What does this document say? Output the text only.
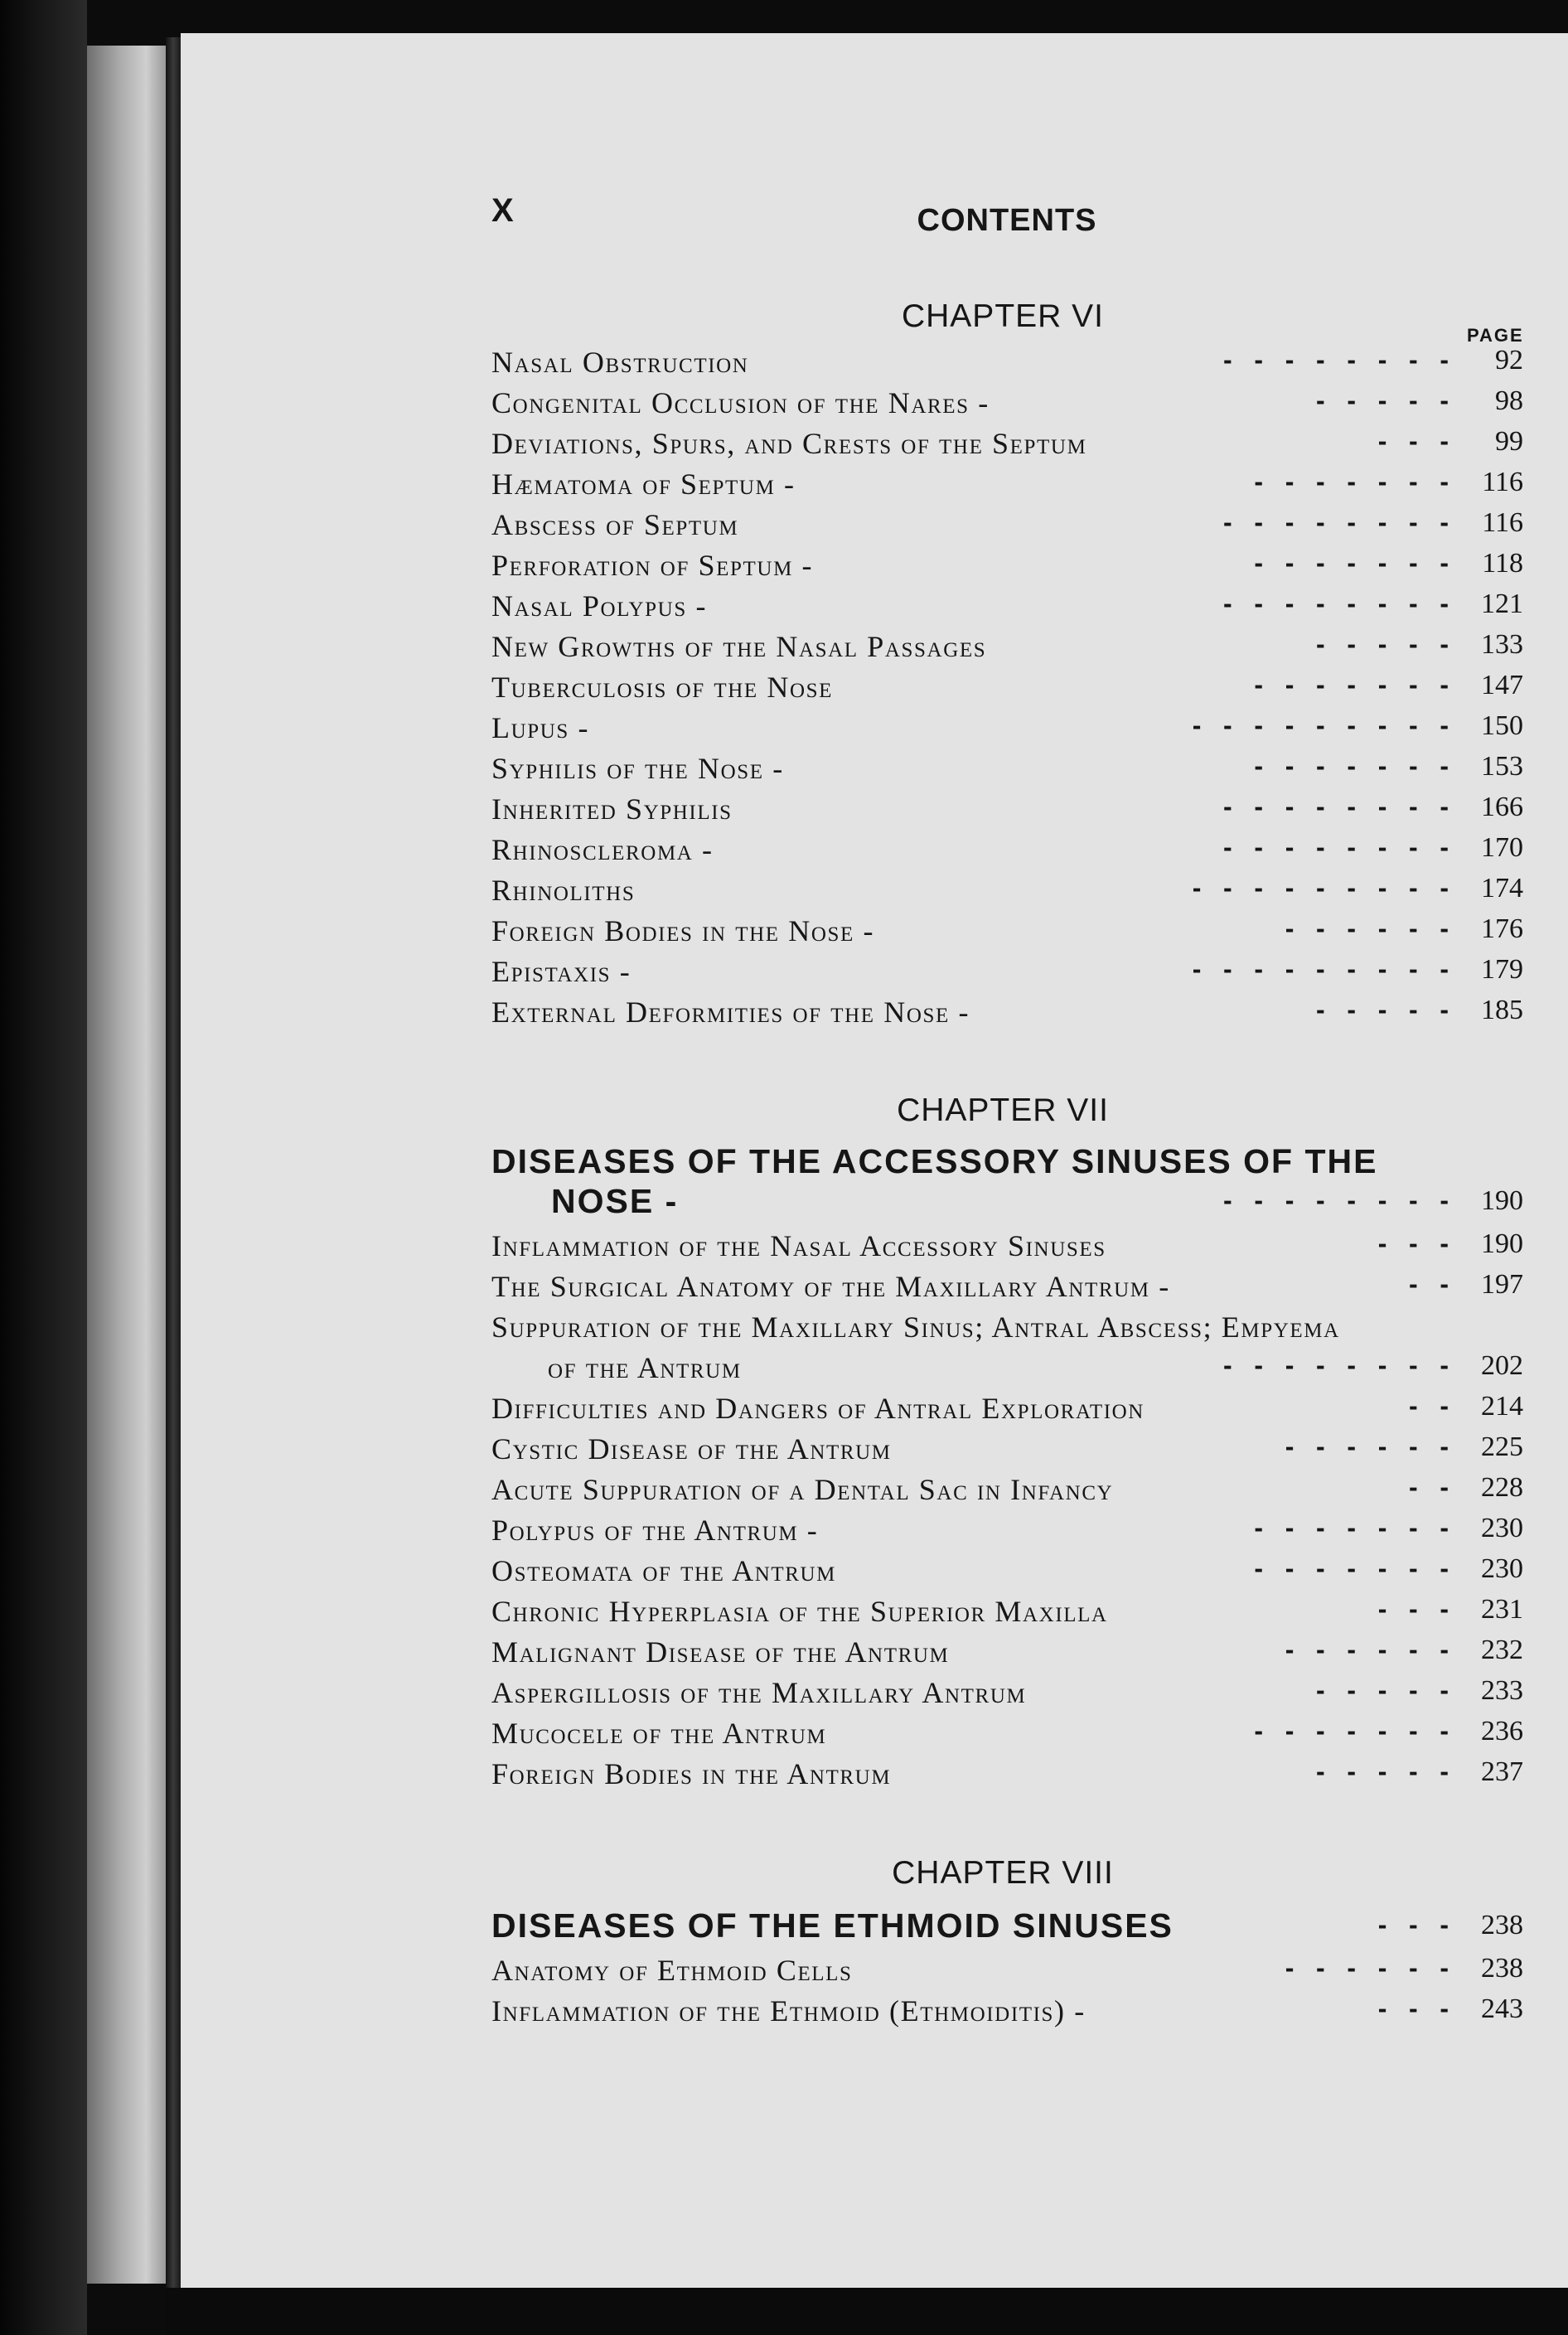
X	CONTENTS
PAGE
CHAPTER VI
Nasal Obstruction	-   -   -   -   -   -   -   -	92
Congenital Occlusion of the Nares -	-   -   -   -   -	98
Deviations, Spurs, and Crests of the Septum	-   -   -	99
Hæmatoma of Septum -	-   -   -   -   -   -   -	116
Abscess of Septum	-   -   -   -   -   -   -   -	116
Perforation of Septum -	-   -   -   -   -   -   -	118
Nasal Polypus -	-   -   -   -   -   -   -   -	121
New Growths of the Nasal Passages	-   -   -   -   -	133
Tuberculosis of the Nose	-   -   -   -   -   -   -	147
Lupus -	-   -   -   -   -   -   -   -   -	150
Syphilis of the Nose -	-   -   -   -   -   -   -	153
Inherited Syphilis	-   -   -   -   -   -   -   -	166
Rhinoscleroma -	-   -   -   -   -   -   -   -	170
Rhinoliths	-   -   -   -   -   -   -   -   -	174
Foreign Bodies in the Nose -	-   -   -   -   -   -	176
Epistaxis -	-   -   -   -   -   -   -   -   -	179
External Deformities of the Nose -	-   -   -   -   -	185
CHAPTER VII
DISEASES OF THE ACCESSORY SINUSES OF THE
NOSE -	-   -   -   -   -   -   -   -	190
Inflammation of the Nasal Accessory Sinuses	-   -   -	190
The Surgical Anatomy of the Maxillary Antrum -	-   -	197
Suppuration of the Maxillary Sinus; Antral Abscess; Empyema
of the Antrum	-   -   -   -   -   -   -   -	202
Difficulties and Dangers of Antral Exploration	-   -	214
Cystic Disease of the Antrum	-   -   -   -   -   -	225
Acute Suppuration of a Dental Sac in Infancy	-   -	228
Polypus of the Antrum -	-   -   -   -   -   -   -	230
Osteomata of the Antrum	-   -   -   -   -   -   -	230
Chronic Hyperplasia of the Superior Maxilla	-   -   -	231
Malignant Disease of the Antrum	-   -   -   -   -   -	232
Aspergillosis of the Maxillary Antrum	-   -   -   -   -	233
Mucocele of the Antrum	-   -   -   -   -   -   -	236
Foreign Bodies in the Antrum	-   -   -   -   -	237
CHAPTER VIII
DISEASES OF THE ETHMOID SINUSES	-   -   -	238
Anatomy of Ethmoid Cells	-   -   -   -   -   -	238
Inflammation of the Ethmoid (Ethmoiditis) -	-   -   -	243
